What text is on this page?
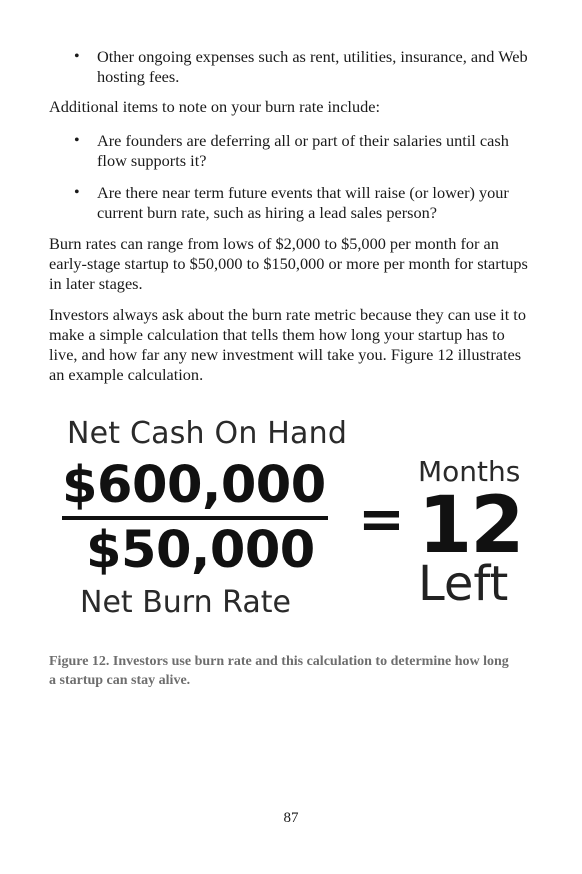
• Other ongoing expenses such as rent, utilities, insurance, and Web hosting fees.

Additional items to note on your burn rate include:

• Are founders are deferring all or part of their salaries until cash flow supports it?
• Are there near term future events that will raise (or lower) your current burn rate, such as hiring a lead sales person?

Burn rates can range from lows of $2,000 to $5,000 per month for an early-stage startup to $50,000 to $150,000 or more per month for startups in later stages.

Investors always ask about the burn rate metric because they can use it to make a simple calculation that tells them how long your startup has to live, and how far any new investment will take you. Figure 12 illustrates an example calculation.

Net Cash On Hand
$600,000
$50,000
Net Burn Rate
=
Months
12
Left
Figure 12. Investors use burn rate and this calculation to determine how long a startup can stay alive.
87
